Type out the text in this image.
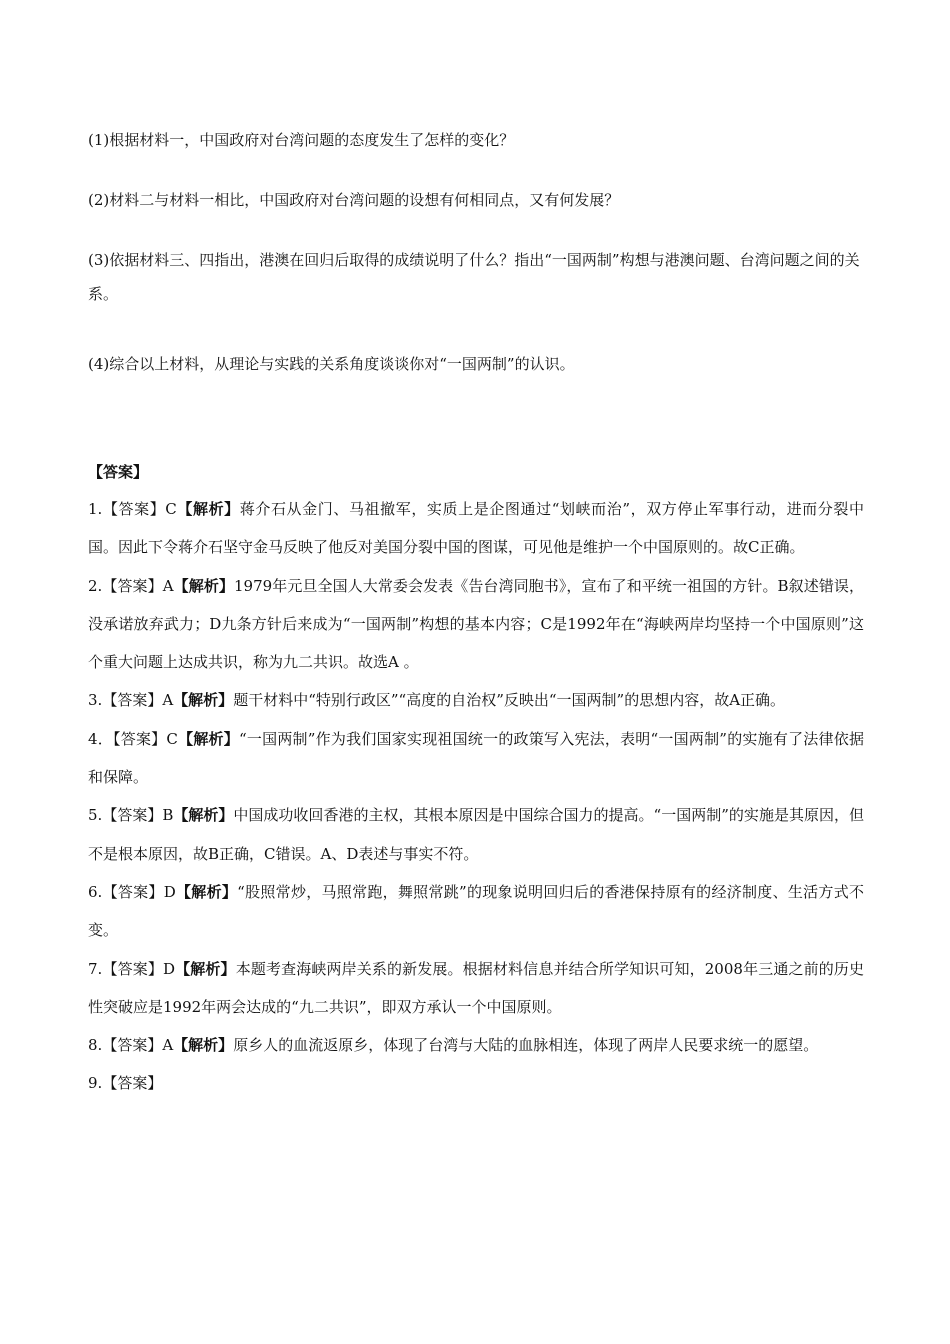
(1)根据材料一，中国政府对台湾问题的态度发生了怎样的变化？

(2)材料二与材料一相比，中国政府对台湾问题的设想有何相同点，又有何发展？

(3)依据材料三、四指出，港澳在回归后取得的成绩说明了什么？指出“一国两制”构想与港澳问题、台湾问题之间的关系。

(4)综合以上材料，从理论与实践的关系角度谈谈你对“一国两制”的认识。

【答案】

1.【答案】C【解析】蒋介石从金门、马祖撤军，实质上是企图通过“划峡而治”，双方停止军事行动，进而分裂中国。因此下令蒋介石坚守金马反映了他反对美国分裂中国的图谋，可见他是维护一个中国原则的。故C正确。

2.【答案】A【解析】1979年元旦全国人大常委会发表《告台湾同胞书》，宣布了和平统一祖国的方针。B叙述错误，没承诺放弃武力；D九条方针后来成为“一国两制”构想的基本内容；C是1992年在“海峡两岸均坚持一个中国原则”这个重大问题上达成共识，称为九二共识。故选A 。

3.【答案】A【解析】题干材料中“特别行政区”“高度的自治权”反映出“一国两制”的思想内容，故A正确。

4．【答案】C【解析】“一国两制”作为我们国家实现祖国统一的政策写入宪法，表明“一国两制”的实施有了法律依据和保障。

5.【答案】B【解析】中国成功收回香港的主权，其根本原因是中国综合国力的提高。“一国两制”的实施是其原因，但不是根本原因，故B正确，C错误。A、D表述与事实不符。

6.【答案】D【解析】“股照常炒，马照常跑，舞照常跳”的现象说明回归后的香港保持原有的经济制度、生活方式不变。

7.【答案】D【解析】本题考查海峡两岸关系的新发展。根据材料信息并结合所学知识可知，2008年三通之前的历史性突破应是1992年两会达成的“九二共识”，即双方承认一个中国原则。

8.【答案】A【解析】原乡人的血流返原乡，体现了台湾与大陆的血脉相连，体现了两岸人民要求统一的愿望。

9.【答案】
